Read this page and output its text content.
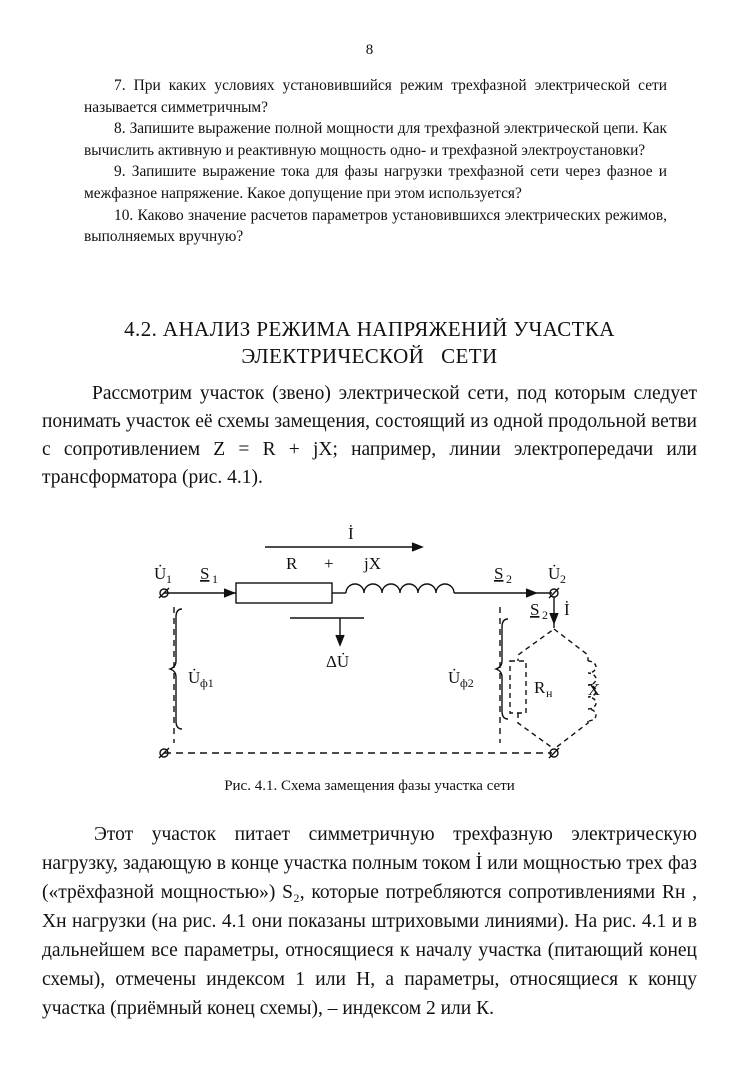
8

7. При каких условиях установившийся режим трехфазной электрической сети называется симметричным?

8. Запишите выражение полной мощности для трехфазной электрической цепи. Как вычислить активную и реактивную мощность одно- и трехфазной электроустановки?

9. Запишите выражение тока для фазы нагрузки трехфазной сети через фазное и межфазное напряжение. Какое допущение при этом используется?

10. Каково значение расчетов параметров установившихся электрических режимов, выполняемых вручную?

4.2. АНАЛИЗ РЕЖИМА НАПРЯЖЕНИЙ УЧАСТКА
ЭЛЕКТРИЧЕСКОЙ   СЕТИ

Рассмотрим участок (звено) электрической сети, под которым следует понимать участок её схемы замещения, состоящий из одной продольной ветви с сопротивлением Z = R + jX; например, линии электропередачи или трансформатора (рис. 4.1).

İ
U̇ 1 S 1
R + jX
S 2 U̇ 2
S 2 İ
ΔU̇
U̇ ф1	U̇ ф2	R н X
Рис. 4.1. Схема замещения фазы участка сети

Этот участок питает симметричную трехфазную электрическую нагрузку, задающую в конце участка полным током İ или мощностью трех фаз («трёхфазной мощностью») S₂, которые потребляются сопротивлениями Rн , Xн нагрузки (на рис. 4.1 они показаны штриховыми линиями). На рис. 4.1 и в дальнейшем все параметры, относящиеся к началу участка (питающий конец схемы), отмечены индексом 1 или Н, а параметры, относящиеся к концу участка (приёмный конец схемы), – индексом 2 или К.
